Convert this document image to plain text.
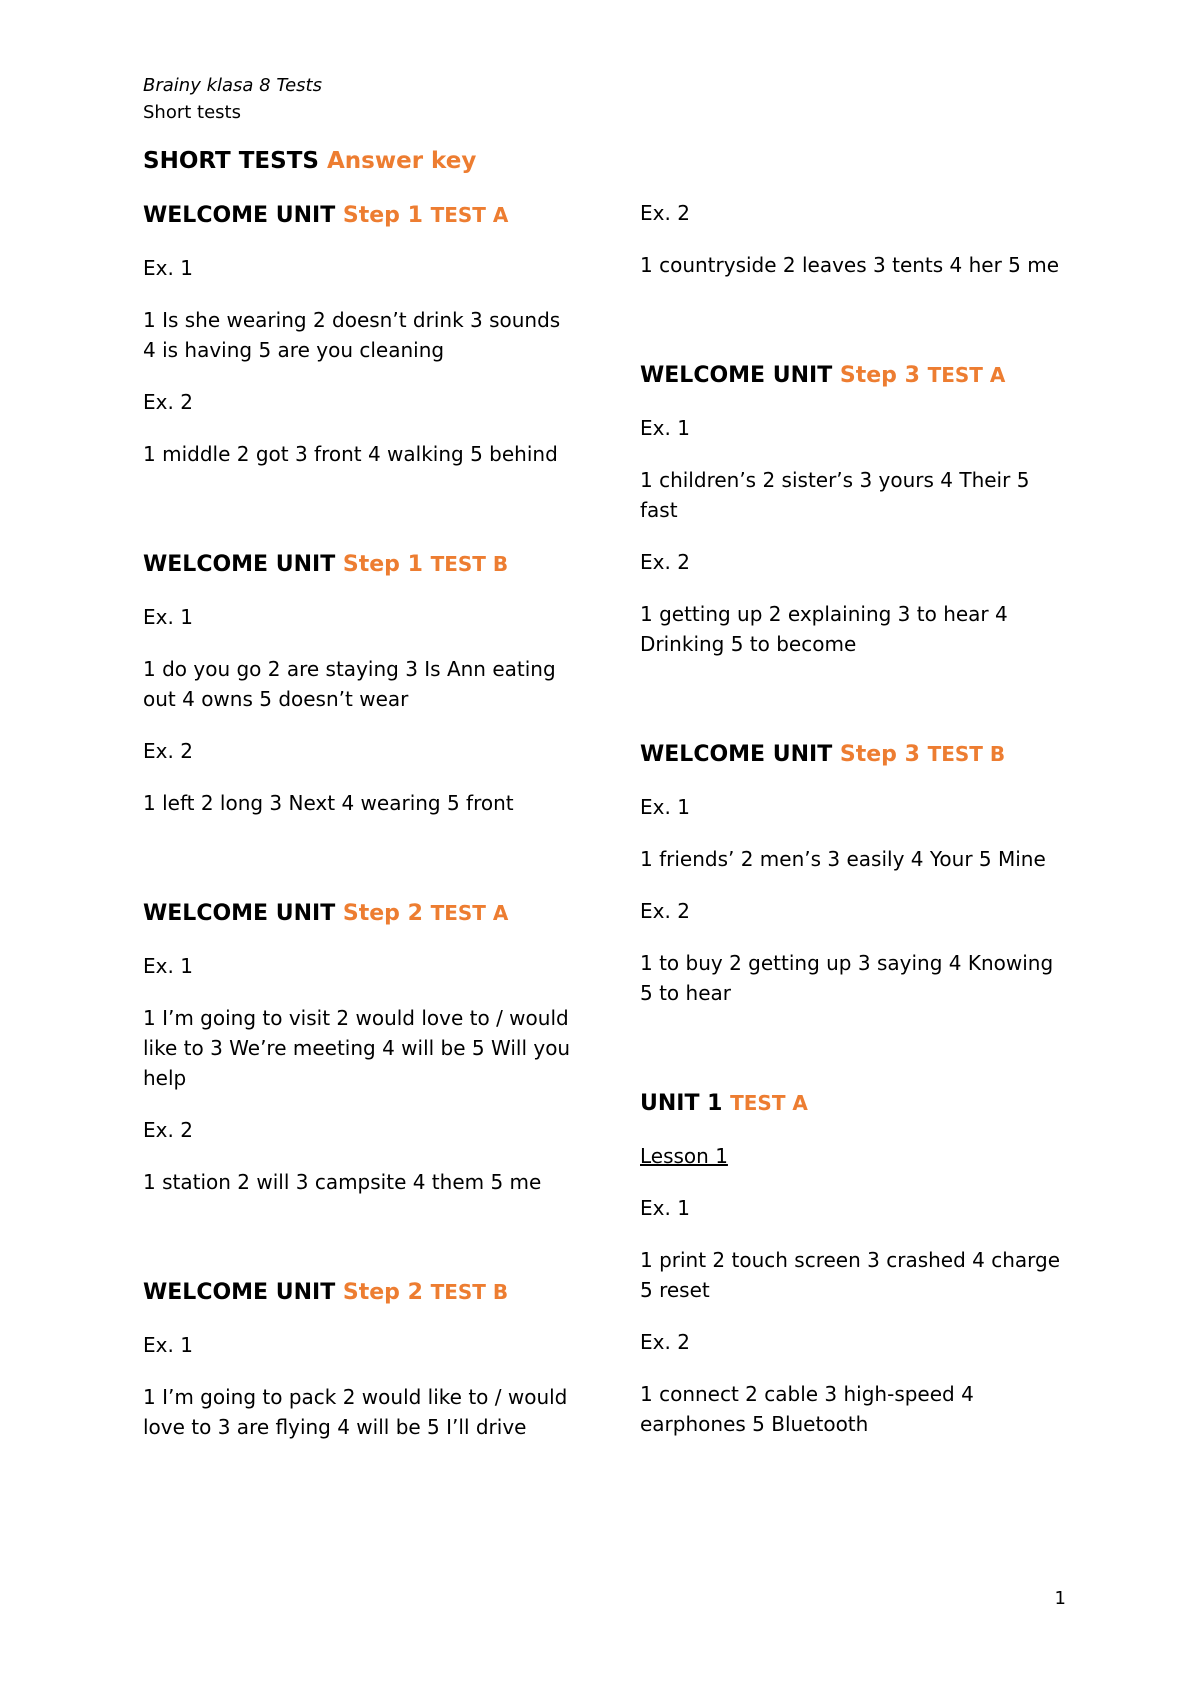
Brainy klasa 8 Tests
Short tests
SHORT TESTS Answer key
WELCOME UNIT Step 1 TEST A
Ex. 1
1 Is she wearing 2 doesn’t drink 3 sounds 4 is having 5 are you cleaning
Ex. 2
1 middle 2 got 3 front 4 walking 5 behind
WELCOME UNIT Step 1 TEST B
Ex. 1
1 do you go 2 are staying 3 Is Ann eating out 4 owns 5 doesn’t wear
Ex. 2
1 left 2 long 3 Next 4 wearing 5 front
WELCOME UNIT Step 2 TEST A
Ex. 1
1 I’m going to visit 2 would love to / would like to 3 We’re meeting 4 will be 5 Will you help
Ex. 2
1 station 2 will 3 campsite 4 them 5 me
WELCOME UNIT Step 2 TEST B
Ex. 1
1 I’m going to pack 2 would like to / would love to 3 are flying 4 will be 5 I’ll drive
Ex. 2
1 countryside 2 leaves 3 tents 4 her 5 me
WELCOME UNIT Step 3 TEST A
Ex. 1
1 children’s 2 sister’s 3 yours 4 Their 5 fast
Ex. 2
1 getting up 2 explaining 3 to hear 4 Drinking 5 to become
WELCOME UNIT Step 3 TEST B
Ex. 1
1 friends’ 2 men’s 3 easily 4 Your 5 Mine
Ex. 2
1 to buy 2 getting up 3 saying 4 Knowing 5 to hear
UNIT 1 TEST A
Lesson 1
Ex. 1
1 print 2 touch screen 3 crashed 4 charge 5 reset
Ex. 2
1 connect 2 cable 3 high-speed 4 earphones 5 Bluetooth
1
